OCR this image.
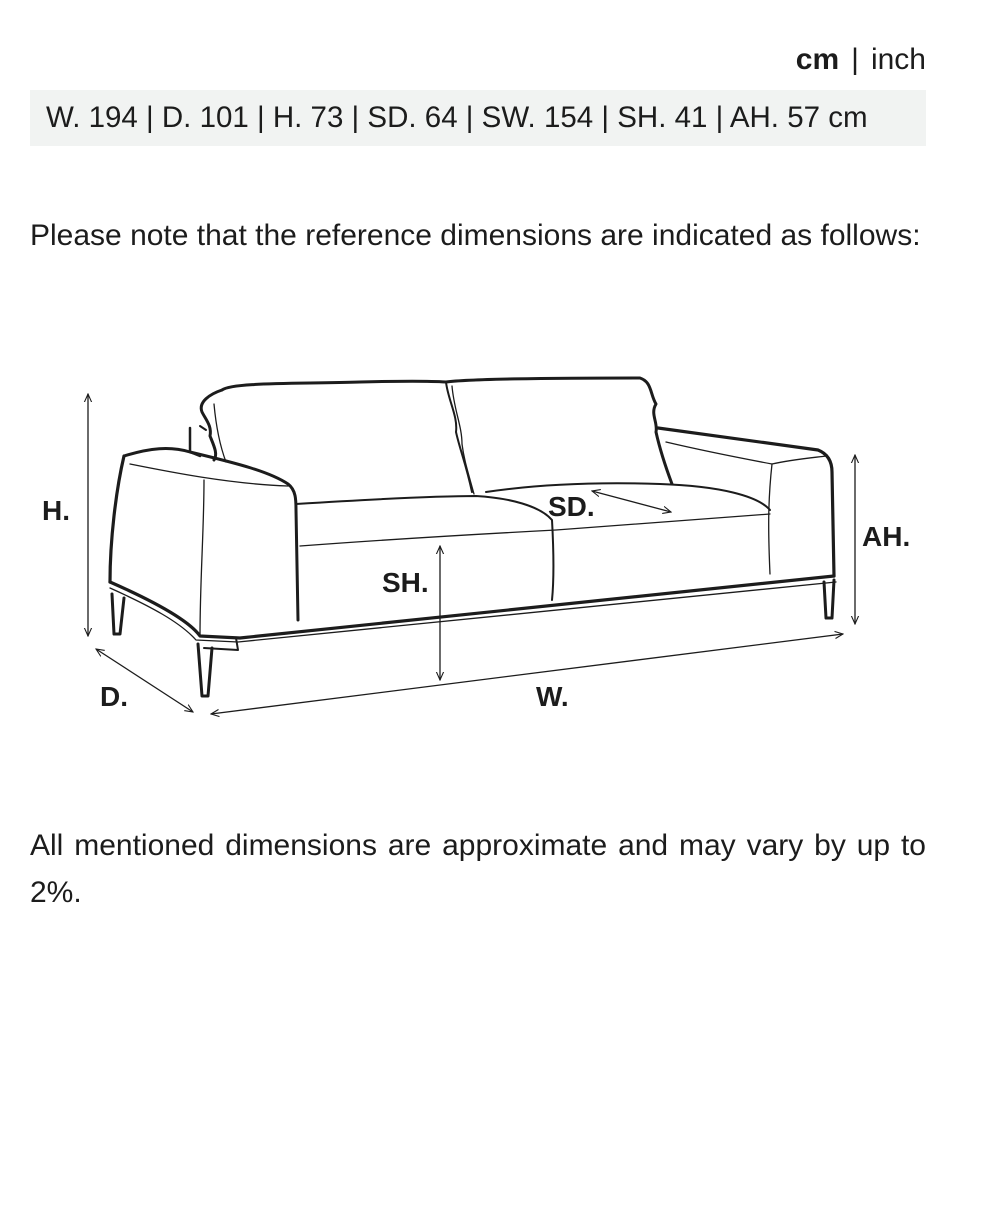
cm | inch
W. 194 | D. 101 | H. 73 | SD. 64 | SW. 154 | SH. 41 | AH. 57 cm

Please note that the reference dimensions are indicated as follows:

H.
D.	W.
SD.
SH.
AH.

All mentioned dimensions are approximate and may vary by up to 2%.
